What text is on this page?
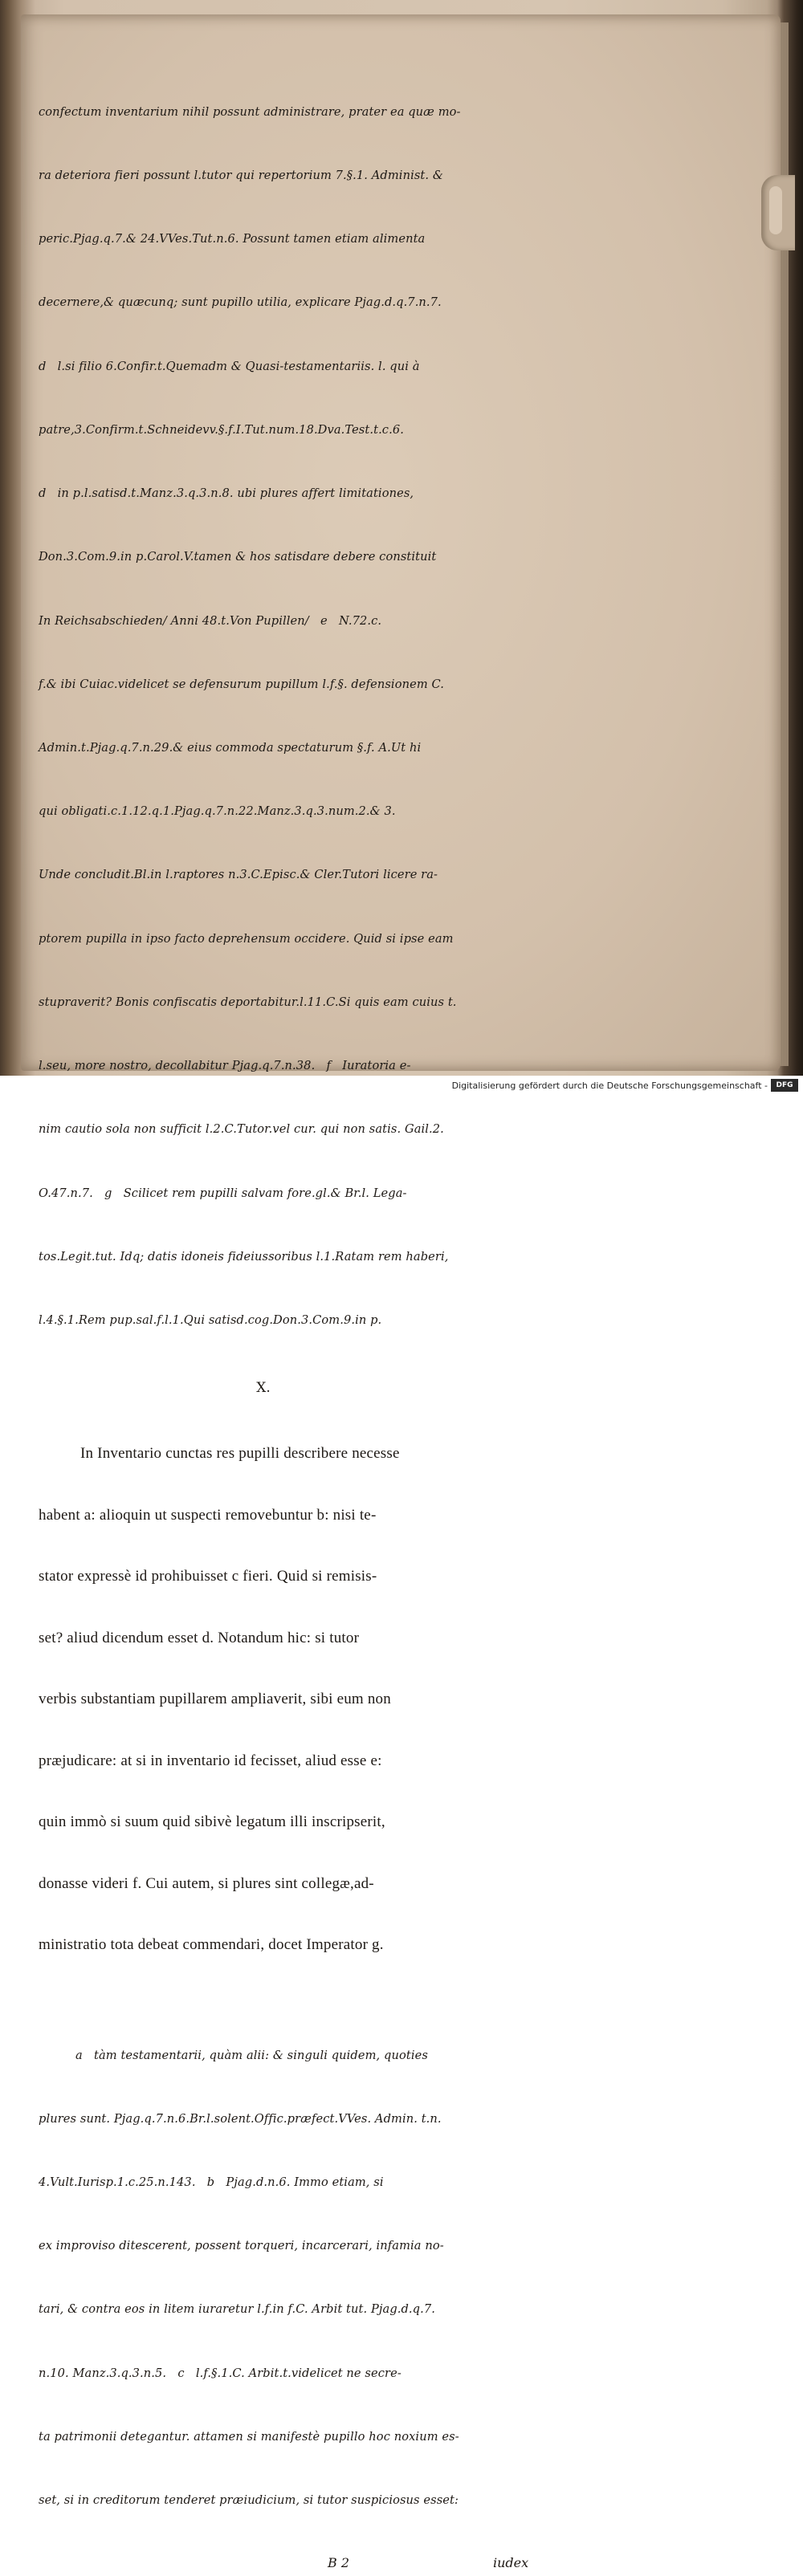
confectum inventarium nihil possunt administrare, prater ea quæ mo-

ra deteriora fieri possunt l.tutor qui repertorium 7.§.1. Administ. &

peric.Pjag.q.7.& 24.VVes.Tut.n.6. Possunt tamen etiam alimenta

decernere,& quæcunq; sunt pupillo utilia, explicare Pjag.d.q.7.n.7.

d   l.si filio 6.Confir.t.Quemadm & Quasi-testamentariis. l. qui à

patre,3.Confirm.t.Schneidevv.§.f.I.Tut.num.18.Dva.Test.t.c.6.

d   in p.l.satisd.t.Manz.3.q.3.n.8. ubi plures affert limitationes,

Don.3.Com.9.in p.Carol.V.tamen & hos satisdare debere constituit

In Reichsabschieden/ Anni 48.t.Von Pupillen/   e   N.72.c.

f.& ibi Cuiac.videlicet se defensurum pupillum l.f.§. defensionem C.

Admin.t.Pjag.q.7.n.29.& eius commoda spectaturum §.f. A.Ut hi

qui obligati.c.1.12.q.1.Pjag.q.7.n.22.Manz.3.q.3.num.2.& 3.

Unde concludit.Bl.in l.raptores n.3.C.Episc.& Cler.Tutori licere ra-

ptorem pupilla in ipso facto deprehensum occidere. Quid si ipse eam

stupraverit? Bonis confiscatis deportabitur.l.11.C.Si quis eam cuius t.

l.seu, more nostro, decollabitur Pjag.q.7.n.38.   f   Iuratoria e-

nim cautio sola non sufficit l.2.C.Tutor.vel cur. qui non satis. Gail.2.

O.47.n.7.   g   Scilicet rem pupilli salvam fore.gl.& Br.l. Lega-

tos.Legit.tut. Idq; datis idoneis fideiussoribus l.1.Ratam rem haberi,

l.4.§.1.Rem pup.sal.f.l.1.Qui satisd.cog.Don.3.Com.9.in p.

X.

In Inventario cunctas res pupilli describere necesse

habent a: alioquin ut suspecti removebuntur b: nisi te-

stator expressè id prohibuisset c fieri. Quid si remisis-

set? aliud dicendum esset d. Notandum hic: si tutor

verbis substantiam pupillarem ampliaverit, sibi eum non

præjudicare: at si in inventario id fecisset, aliud esse e:

quin immò si suum quid sibivè legatum illi inscripserit,

donasse videri f. Cui autem, si plures sint collegæ,ad-

ministratio tota debeat commendari, docet Imperator g.

a   tàm testamentarii, quàm alii: & singuli quidem, quoties

plures sunt. Pjag.q.7.n.6.Br.l.solent.Offic.præfect.VVes. Admin. t.n.

4.Vult.Iurisp.1.c.25.n.143.   b   Pjag.d.n.6. Immo etiam, si

ex improviso ditescerent, possent torqueri, incarcerari, infamia no-

tari, & contra eos in litem iuraretur l.f.in f.C. Arbit tut. Pjag.d.q.7.

n.10. Manz.3.q.3.n.5.   c   l.f.§.1.C. Arbit.t.videlicet ne secre-

ta patrimonii detegantur. attamen si manifestè pupillo hoc noxium es-

set, si in creditorum tenderet præiudicium, si tutor suspiciosus esset:

B 2	iudex
Digitalisierung gefördert durch die Deutsche Forschungsgemeinschaft -	DFG
